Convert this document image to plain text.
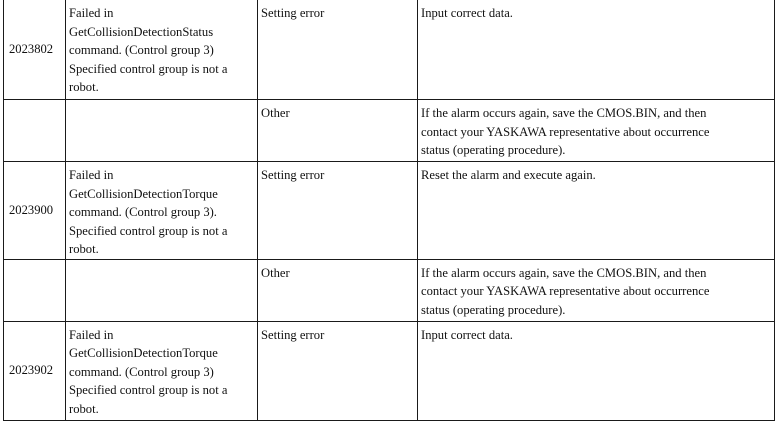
2023802	Failed in
GetCollisionDetectionStatus
command. (Control group 3)
Specified control group is not a
robot.	Setting error	Input correct data.
		Other	If the alarm occurs again, save the CMOS.BIN, and then
contact your YASKAWA representative about occurrence
status (operating procedure).
2023900	Failed in
GetCollisionDetectionTorque
command. (Control group 3).
Specified control group is not a
robot.	Setting error	Reset the alarm and execute again.
		Other	If the alarm occurs again, save the CMOS.BIN, and then
contact your YASKAWA representative about occurrence
status (operating procedure).
2023902	Failed in
GetCollisionDetectionTorque
command. (Control group 3)
Specified control group is not a
robot.	Setting error	Input correct data.
